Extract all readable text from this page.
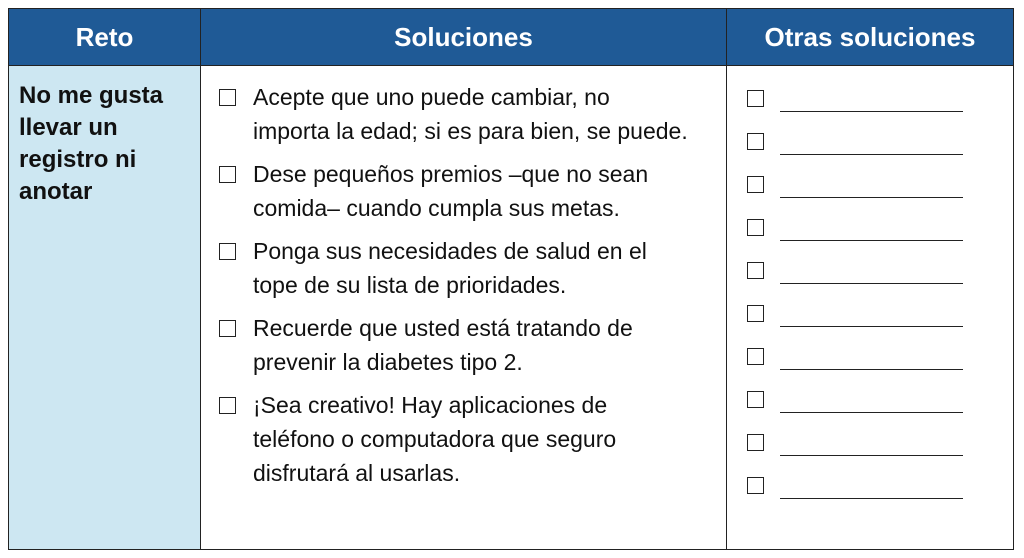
Reto	Soluciones	Otras soluciones
No me gusta llevar un registro ni anotar
Acepte que uno puede cambiar, no
importa la edad; si es para bien, se puede.
Dese pequeños premios –que no sean
comida– cuando cumpla sus metas.
Ponga sus necesidades de salud en el
tope de su lista de prioridades.
Recuerde que usted está tratando de
prevenir la diabetes tipo 2.
¡Sea creativo! Hay aplicaciones de
teléfono o computadora que seguro
disfrutará al usarlas.
